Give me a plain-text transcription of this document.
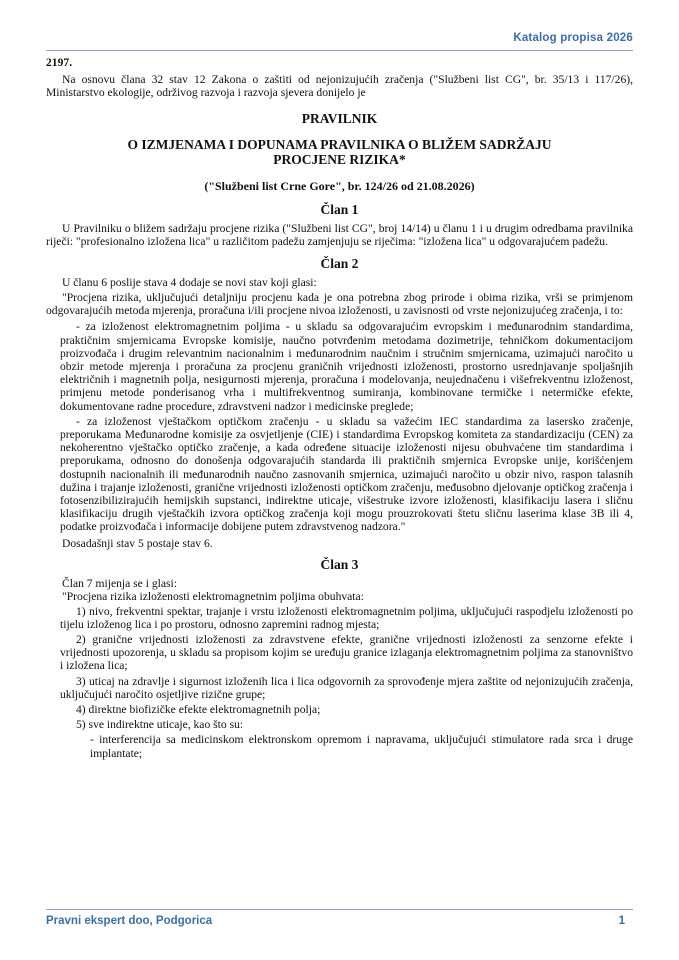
Katalog propisa 2026
2197.

Na osnovu člana 32 stav 12 Zakona o zaštiti od nejonizujućih zračenja ("Službeni list CG", br. 35/13 i 117/26), Ministarstvo ekologije, održivog razvoja i razvoja sjevera donijelo je

PRAVILNIK
O IZMJENAMA I DOPUNAMA PRAVILNIKA O BLIŽEM SADRŽAJU
PROCJENE RIZIKA*
("Službeni list Crne Gore", br. 124/26 od 21.08.2026)
Član 1

U Pravilniku o bližem sadržaju procjene rizika ("Službeni list CG", broj 14/14) u članu 1 i u drugim odredbama pravilnika riječi: "profesionalno izložena lica" u različitom padežu zamjenjuju se riječima: "izložena lica" u odgovarajućem padežu.

Član 2

U članu 6 poslije stava 4 dodaje se novi stav koji glasi:

"Procjena rizika, uključujući detaljniju procjenu kada je ona potrebna zbog prirode i obima rizika, vrši se primjenom odgovarajućih metoda mjerenja, proračuna i/ili procjene nivoa izloženosti, u zavisnosti od vrste nejonizujućeg zračenja, i to:

- za izloženost elektromagnetnim poljima - u skladu sa odgovarajućim evropskim i međunarodnim standardima, praktičnim smjernicama Evropske komisije, naučno potvrđenim metodama dozimetrije, tehničkom dokumentacijom proizvođača i drugim relevantnim nacionalnim i međunarodnim naučnim i stručnim smjernicama, uzimajući naročito u obzir metode mjerenja i proračuna za procjenu graničnih vrijednosti izloženosti, prostorno usrednjavanje spoljašnjih električnih i magnetnih polja, nesigurnosti mjerenja, proračuna i modelovanja, neujednačenu i višefrekventnu izloženost, primjenu metode ponderisanog vrha i multifrekventnog sumiranja, kombinovane termičke i netermičke efekte, dokumentovane radne procedure, zdravstveni nadzor i medicinske preglede;

- za izloženost vještačkom optičkom zračenju - u skladu sa važećim IEC standardima za lasersko zračenje, preporukama Međunarodne komisije za osvjetljenje (CIE) i standardima Evropskog komiteta za standardizaciju (CEN) za nekoherentno vještačko optičko zračenje, a kada određene situacije izloženosti nijesu obuhvaćene tim standardima i preporukama, odnosno do donošenja odgovarajućih standarda ili praktičnih smjernica Evropske unije, korišćenjem dostupnih nacionalnih ili međunarodnih naučno zasnovanih smjernica, uzimajući naročito u obzir nivo, raspon talasnih dužina i trajanje izloženosti, granične vrijednosti izloženosti optičkom zračenju, međusobno djelovanje optičkog zračenja i fotosenzibilizirajućih hemijskih supstanci, indirektne uticaje, višestruke izvore izloženosti, klasifikaciju lasera i sličnu klasifikaciju drugih vještačkih izvora optičkog zračenja koji mogu prouzrokovati štetu sličnu laserima klase 3B ili 4, podatke proizvođača i informacije dobijene putem zdravstvenog nadzora."

Dosadašnji stav 5 postaje stav 6.

Član 3

Član 7 mijenja se i glasi:

"Procjena rizika izloženosti elektromagnetnim poljima obuhvata:

1) nivo, frekventni spektar, trajanje i vrstu izloženosti elektromagnetnim poljima, uključujući raspodjelu izloženosti po tijelu izloženog lica i po prostoru, odnosno zapremini radnog mjesta;

2) granične vrijednosti izloženosti za zdravstvene efekte, granične vrijednosti izloženosti za senzorne efekte i vrijednosti upozorenja, u skladu sa propisom kojim se uređuju granice izlaganja elektromagnetnim poljima za stanovništvo i izložena lica;

3) uticaj na zdravlje i sigurnost izloženih lica i lica odgovornih za sprovođenje mjera zaštite od nejonizujućih zračenja, uključujući naročito osjetljive rizične grupe;

4) direktne biofizičke efekte elektromagnetnih polja;

5) sve indirektne uticaje, kao što su:

- interferencija sa medicinskom elektronskom opremom i napravama, uključujući stimulatore rada srca i druge implantate;

Pravni ekspert doo, Podgorica	1
